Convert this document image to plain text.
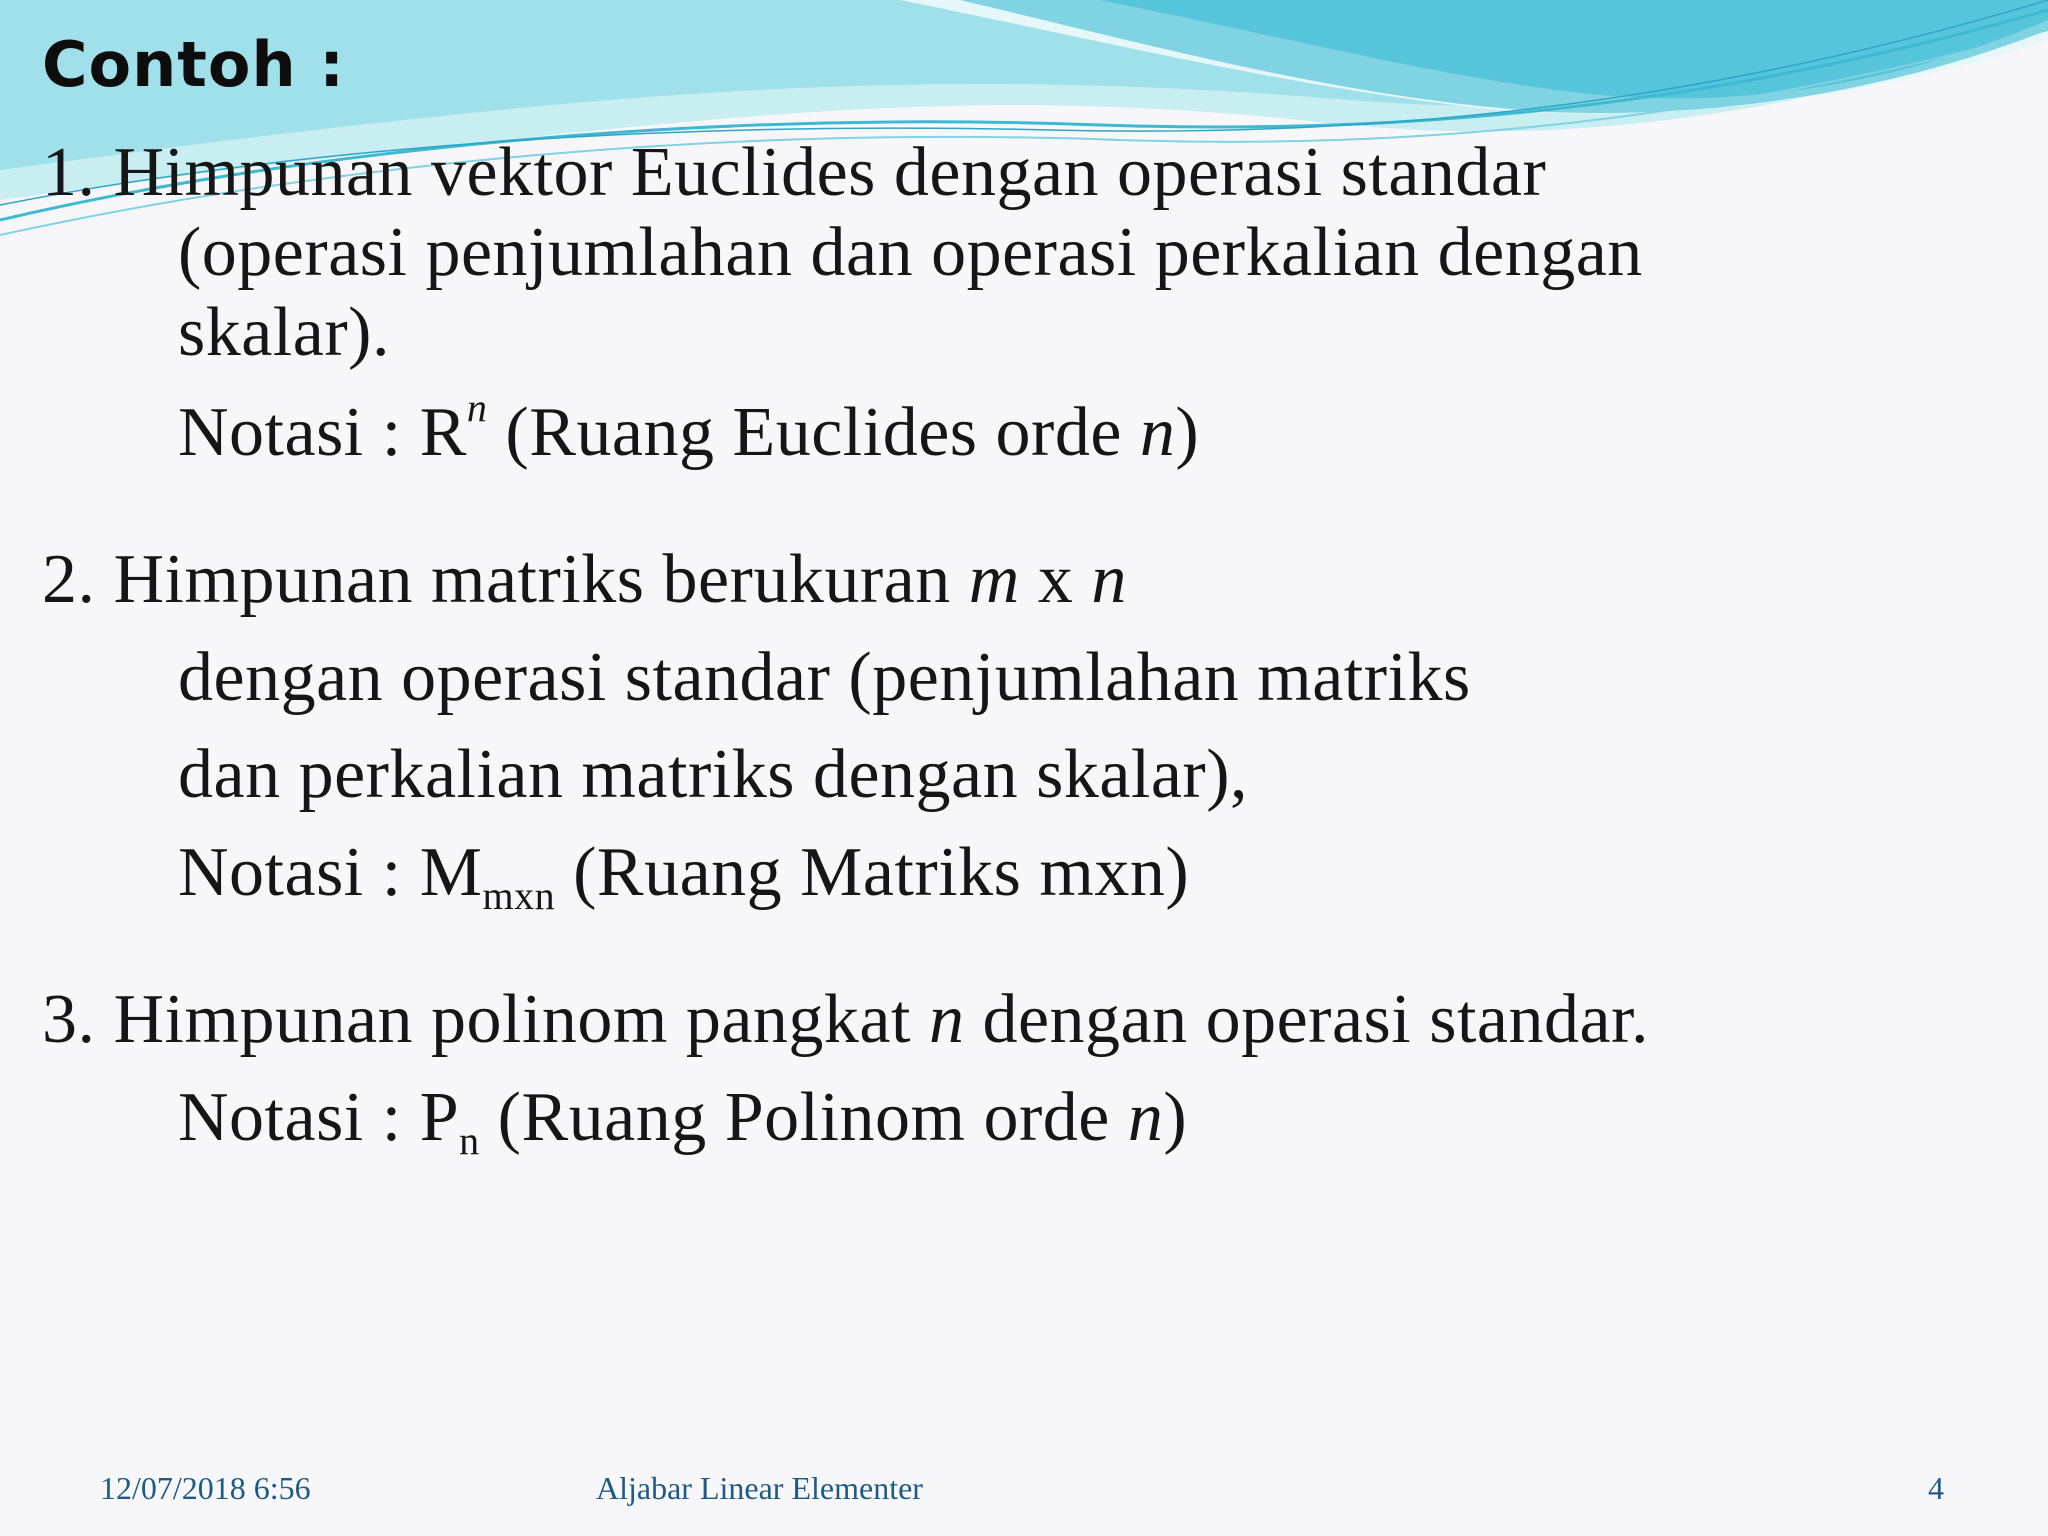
Contoh :

1. Himpunan vektor Euclides dengan operasi standar

(operasi penjumlahan dan operasi perkalian dengan

skalar).

Notasi : $R^n$ (Ruang Euclides orde n)

2. Himpunan matriks berukuran m x n

dengan operasi standar (penjumlahan matriks

dan perkalian matriks dengan skalar),

Notasi : $M_{mxn}$ (Ruang Matriks mxn)

3. Himpunan polinom pangkat n dengan operasi standar.

Notasi : $P_n$ (Ruang Polinom orde n)

12/07/2018 6:56	Aljabar Linear Elementer	4
